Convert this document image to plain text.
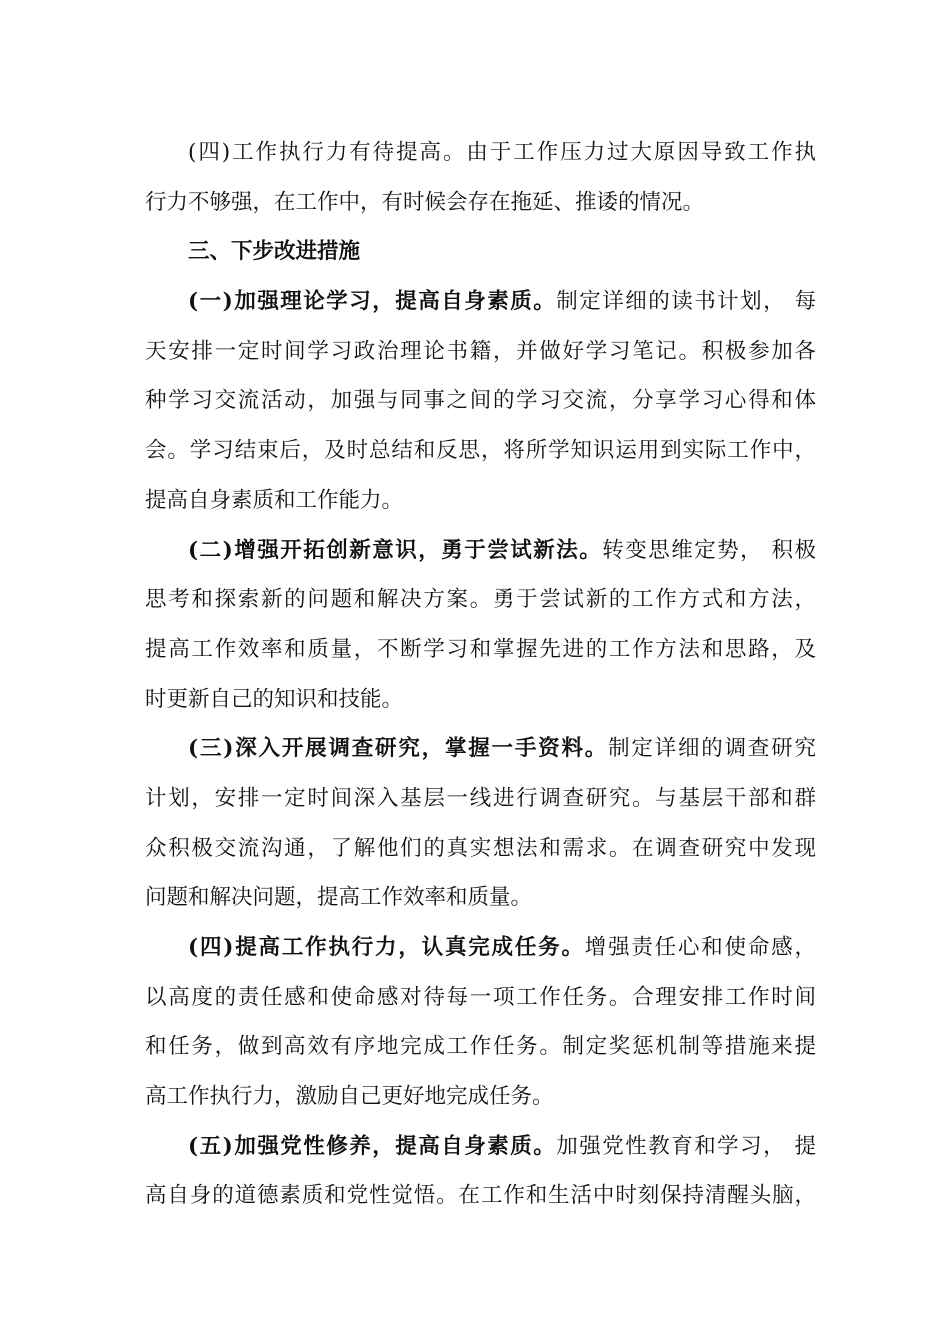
(四)工作执行力有待提高。由于工作压力过大原因导致工作执
行力不够强，在工作中，有时候会存在拖延、推诿的情况。
三、下步改进措施
(一)加强理论学习，提高自身素质。制定详细的读书计划， 每
天安排一定时间学习政治理论书籍，并做好学习笔记。积极参加各
种学习交流活动，加强与同事之间的学习交流，分享学习心得和体
会。学习结束后，及时总结和反思，将所学知识运用到实际工作中，
提高自身素质和工作能力。
(二)增强开拓创新意识，勇于尝试新法。转变思维定势， 积极
思考和探索新的问题和解决方案。勇于尝试新的工作方式和方法，
提高工作效率和质量，不断学习和掌握先进的工作方法和思路，及
时更新自己的知识和技能。
(三)深入开展调查研究，掌握一手资料。制定详细的调查研究
计划，安排一定时间深入基层一线进行调查研究。与基层干部和群
众积极交流沟通，了解他们的真实想法和需求。在调查研究中发现
问题和解决问题，提高工作效率和质量。
(四)提高工作执行力，认真完成任务。增强责任心和使命感，
以高度的责任感和使命感对待每一项工作任务。合理安排工作时间
和任务，做到高效有序地完成工作任务。制定奖惩机制等措施来提
高工作执行力，激励自己更好地完成任务。
(五)加强党性修养，提高自身素质。加强党性教育和学习， 提
高自身的道德素质和党性觉悟。在工作和生活中时刻保持清醒头脑，
